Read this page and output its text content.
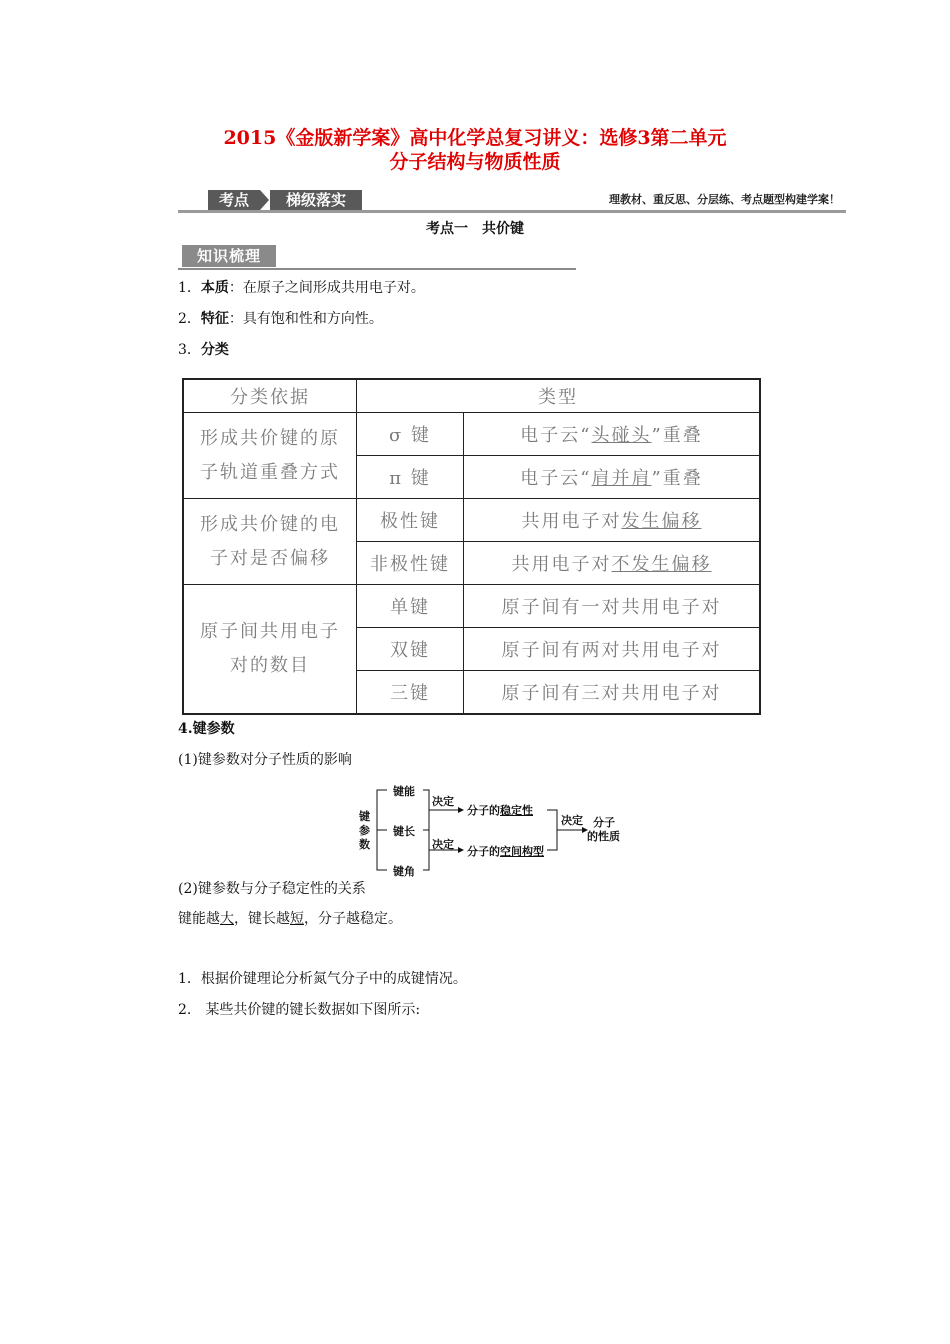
2015《金版新学案》高中化学总复习讲义：选修3第二单元
分子结构与物质性质
考点	梯级落实	理教材、重反思、分层练、考点题型构建学案！
考点一　共价键
知识梳理
1．本质：在原子之间形成共用电子对。
2．特征：具有饱和性和方向性。
3．分类
分类依据	类型	

形成共价键的原
子轨道重叠方式	σ 键	电子云“头碰头”重叠
	π 键	电子云“肩并肩”重叠

形成共价键的电
子对是否偏移	极性键	共用电子对发生偏移
	非极性键	共用电子对不发生偏移

原子间共用电子
对的数目	单键	原子间有一对共用电子对
	双键	原子间有两对共用电子对
	三键	原子间有三对共用电子对
4.键参数
(1)键参数对分子性质的影响
键
参
数
键能
键长
键角
决定
决定
分子的稳定性
分子的空间构型
决定 分子
的性质
(2)键参数与分子稳定性的关系
键能越大，键长越短，分子越稳定。
1．根据价键理论分析氮气分子中的成键情况。
2.　某些共价键的键长数据如下图所示:
